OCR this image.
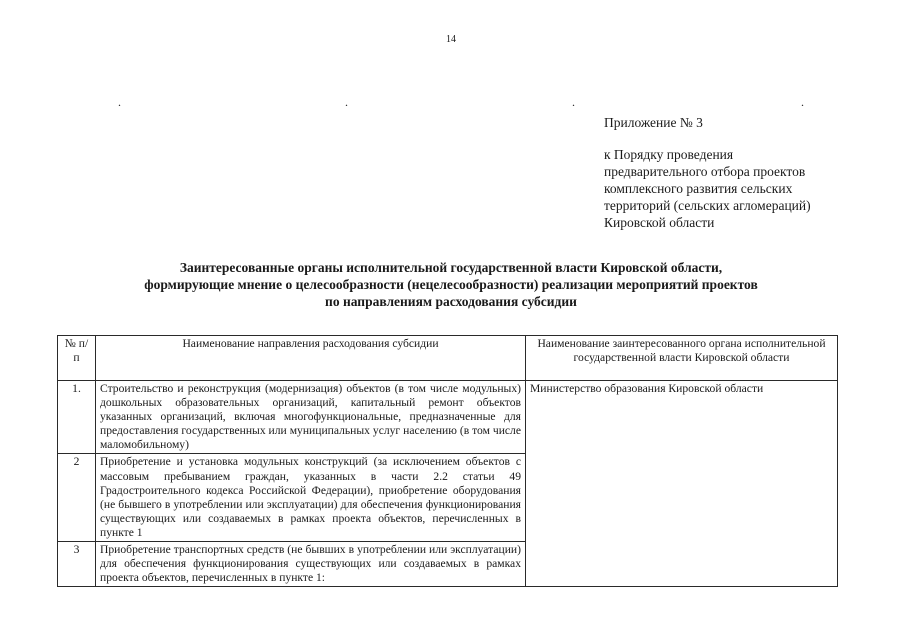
14
.	.	.	.
Приложение № 3
к Порядку проведения
предварительного отбора проектов
комплексного развития сельских
территорий (сельских агломераций)
Кировской области
Заинтересованные органы исполнительной государственной власти Кировской области,
формирующие мнение о целесообразности (нецелесообразности) реализации мероприятий проектов
по направлениям расходования субсидии
№ п/п	Наименование направления расходования субсидии	Наименование заинтересованного органа исполнительной государственной власти Кировской области
1.	Строительство и реконструкция (модернизация) объектов (в том числе модульных) дошкольных образовательных организаций, капитальный ремонт объектов указанных организаций, включая многофункциональные, предназначенные для предоставления государственных или муниципальных услуг населению (в том числе маломобильному)	Министерство образования Кировской области
2	Приобретение и установка модульных конструкций (за исключением объектов с массовым пребыванием граждан, указанных в части 2.2 статьи 49 Градостроительного кодекса Российской Федерации), приобретение оборудования (не бывшего в употреблении или эксплуатации) для обеспечения функционирования существующих или создаваемых в рамках проекта объектов, перечисленных в пункте 1	
3	Приобретение транспортных средств (не бывших в употреблении или эксплуатации) для обеспечения функционирования существующих или создаваемых в рамках проекта объектов, перечисленных в пункте 1:	
